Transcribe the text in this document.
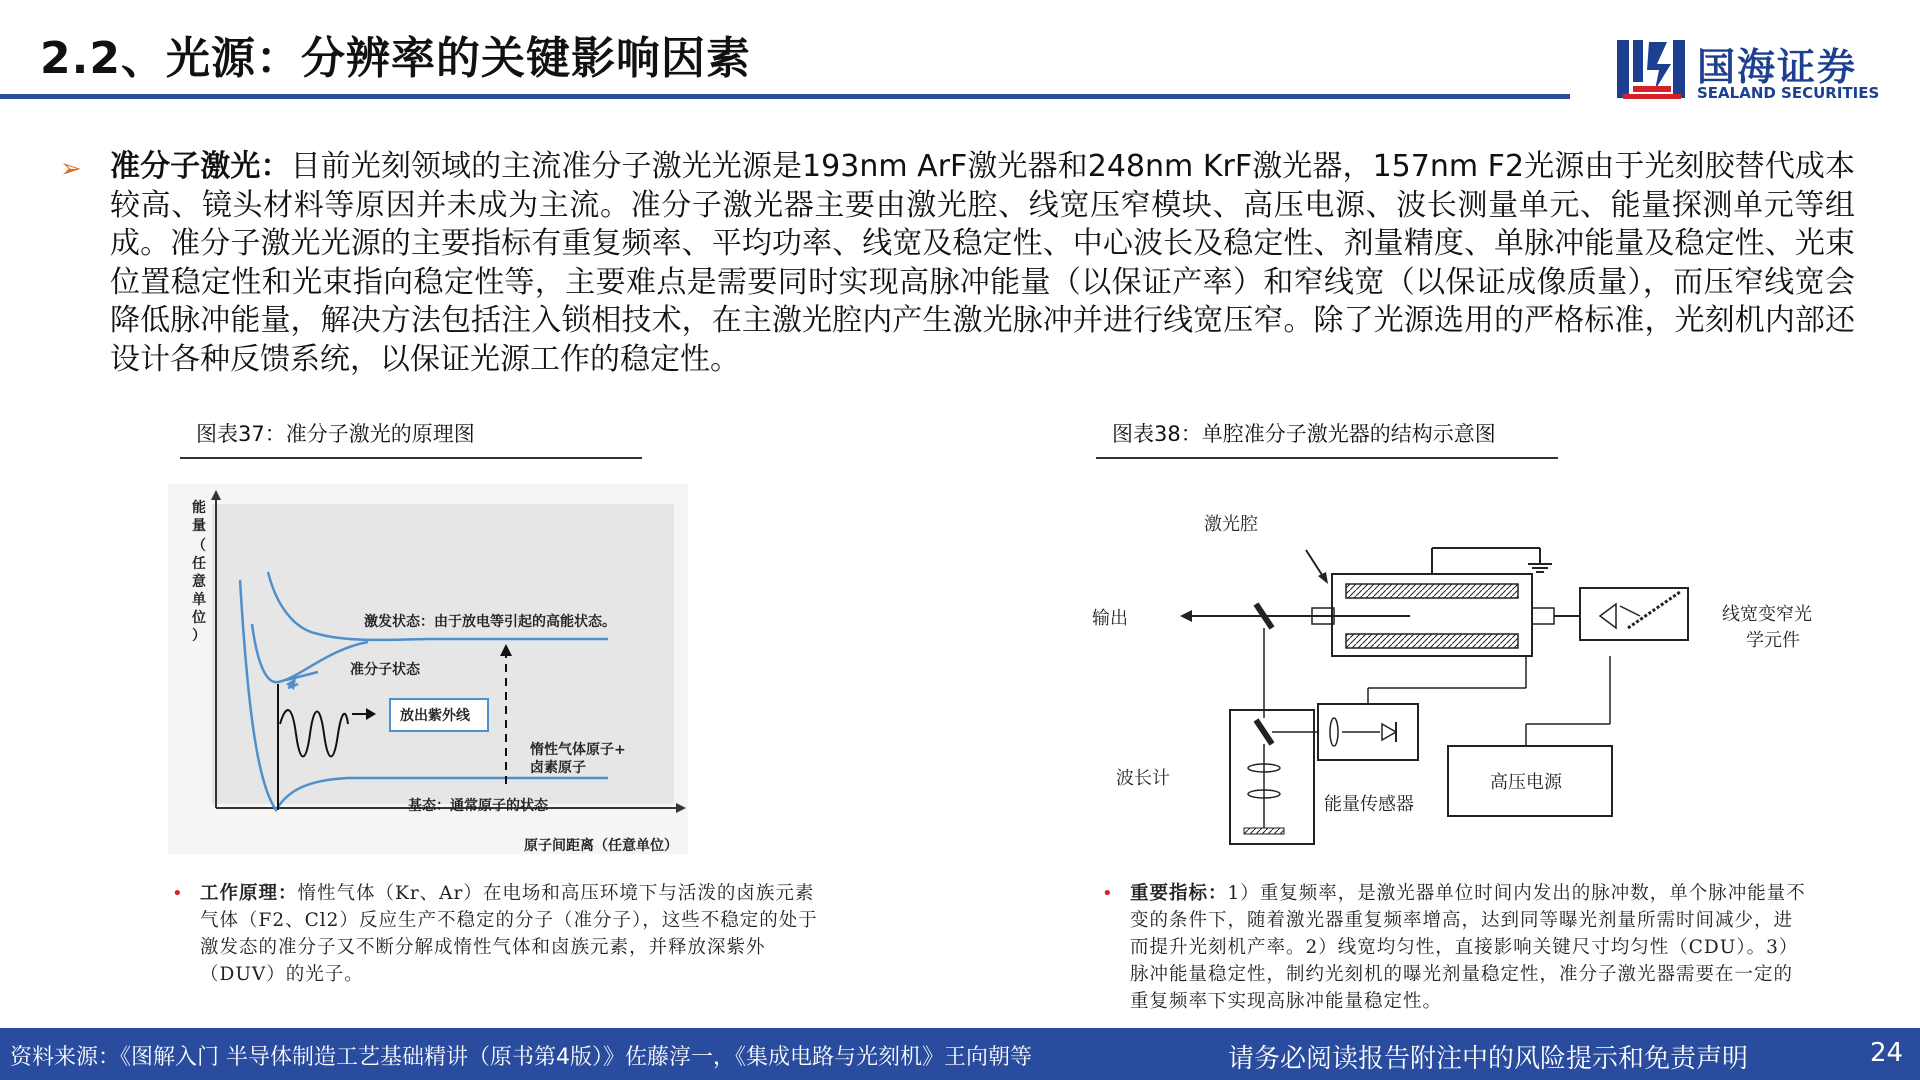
2.2、光源：分辨率的关键影响因素	国海证券
SEALAND SECURITIES
➢ 准分子激光：目前光刻领域的主流准分子激光光源是193nm ArF激光器和248nm KrF激光器，157nm F2光源由于光刻胶替代成本较高、镜头材料等原因并未成为主流。准分子激光器主要由激光腔、线宽压窄模块、高压电源、波长测量单元、能量探测单元等组成。准分子激光光源的主要指标有重复频率、平均功率、线宽及稳定性、中心波长及稳定性、剂量精度、单脉冲能量及稳定性、光束位置稳定性和光束指向稳定性等，主要难点是需要同时实现高脉冲能量（以保证产率）和窄线宽（以保证成像质量），而压窄线宽会降低脉冲能量，解决方法包括注入锁相技术，在主激光腔内产生激光脉冲并进行线宽压窄。除了光源选用的严格标准，光刻机内部还设计各种反馈系统，以保证光源工作的稳定性。
图表37：准分子激光的原理图
能
量
（
任
意
单
位
）
放出紫外线
激发状态：由于放电等引起的高能状态。
准分子状态
惰性气体原子+
卤素原子
基态：通常原子的状态
原子间距离（任意单位）
• 工作原理：惰性气体（Kr、Ar）在电场和高压环境下与活泼的卤族元素气体（F2、Cl2）反应生产不稳定的分子（准分子），这些不稳定的处于激发态的准分子又不断分解成惰性气体和卤族元素，并释放深紫外（DUV）的光子。
图表38：单腔准分子激光器的结构示意图
激光腔
输出	线宽变窄光
学元件
波长计
能量传感器
高压电源
• 重要指标：1）重复频率，是激光器单位时间内发出的脉冲数，单个脉冲能量不变的条件下，随着激光器重复频率增高，达到同等曝光剂量所需时间减少，进而提升光刻机产率。2）线宽均匀性，直接影响关键尺寸均匀性（CDU）。3）脉冲能量稳定性，制约光刻机的曝光剂量稳定性，准分子激光器需要在一定的重复频率下实现高脉冲能量稳定性。
资料来源：《图解入门 半导体制造工艺基础精讲（原书第4版）》佐藤淳一，《集成电路与光刻机》王向朝等	请务必阅读报告附注中的风险提示和免责声明	24
